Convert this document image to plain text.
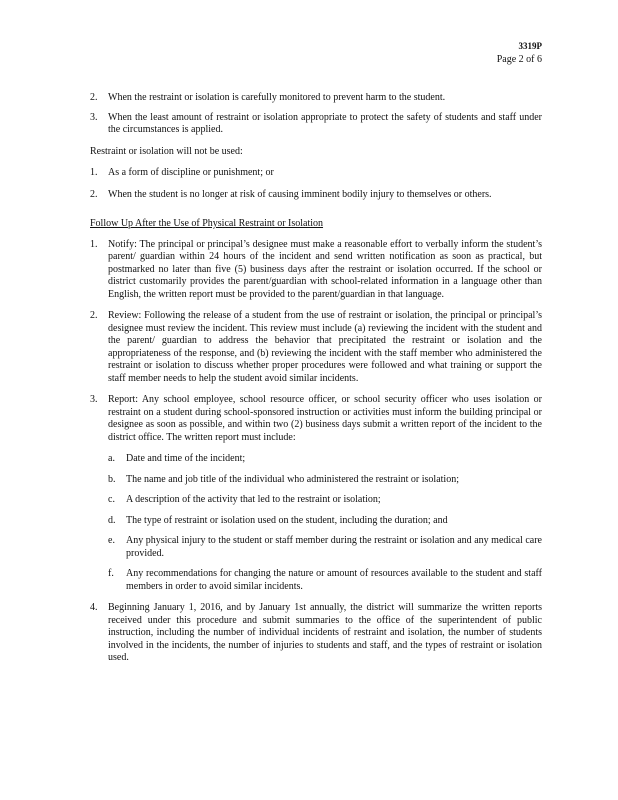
3319P
Page 2 of 6
2. When the restraint or isolation is carefully monitored to prevent harm to the student.
3. When the least amount of restraint or isolation appropriate to protect the safety of students and staff under the circumstances is applied.
Restraint or isolation will not be used:
1. As a form of discipline or punishment; or
2. When the student is no longer at risk of causing imminent bodily injury to themselves or others.
Follow Up After the Use of Physical Restraint or Isolation
1. Notify: The principal or principal’s designee must make a reasonable effort to verbally inform the student’s parent/ guardian within 24 hours of the incident and send written notification as soon as practical, but postmarked no later than five (5) business days after the restraint or isolation occurred. If the school or district customarily provides the parent/guardian with school-related information in a language other than English, the written report must be provided to the parent/guardian in that language.
2. Review: Following the release of a student from the use of restraint or isolation, the principal or principal’s designee must review the incident. This review must include (a) reviewing the incident with the student and the parent/ guardian to address the behavior that precipitated the restraint or isolation and the appropriateness of the response, and (b) reviewing the incident with the staff member who administered the restraint or isolation to discuss whether proper procedures were followed and what training or support the staff member needs to help the student avoid similar incidents.
3. Report: Any school employee, school resource officer, or school security officer who uses isolation or restraint on a student during school-sponsored instruction or activities must inform the building principal or designee as soon as possible, and within two (2) business days submit a written report of the incident to the district office. The written report must include:
a. Date and time of the incident;
b. The name and job title of the individual who administered the restraint or isolation;
c. A description of the activity that led to the restraint or isolation;
d. The type of restraint or isolation used on the student, including the duration; and
e. Any physical injury to the student or staff member during the restraint or isolation and any medical care provided.
f. Any recommendations for changing the nature or amount of resources available to the student and staff members in order to avoid similar incidents.
4. Beginning January 1, 2016, and by January 1st annually, the district will summarize the written reports received under this procedure and submit summaries to the office of the superintendent of public instruction, including the number of individual incidents of restraint and isolation, the number of students involved in the incidents, the number of injuries to students and staff, and the types of restraint or isolation used.
